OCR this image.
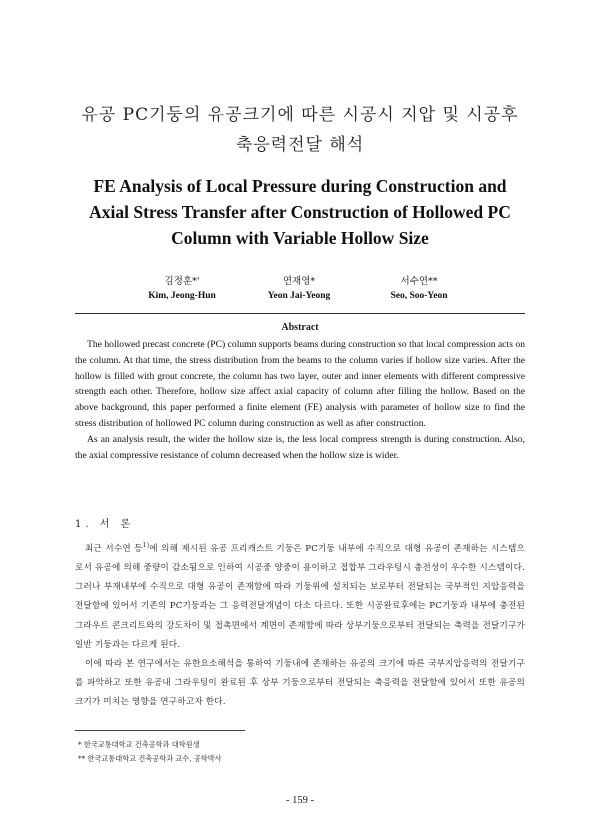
유공 PC기둥의 유공크기에 따른 시공시 지압 및 시공후
축응력전달 해석
FE Analysis of Local Pressure during Construction and
Axial Stress Transfer after Construction of Hollowed PC
Column with Variable Hollow Size
김정훈*'
Kim, Jeong-Hun
연재영*
Yeon Jai-Yeong
서수연**
Seo, Soo-Yeon
Abstract

The hollowed precast concrete (PC) column supports beams during construction so that local compression acts on the column. At that time, the stress distribution from the beams to the column varies if hollow size varies. After the hollow is filled with grout concrete, the column has two layer, outer and inner elements with different compressive strength each other. Therefore, hollow size affect axial capacity of column after filling the hollow. Based on the above background, this paper performed a finite element (FE) analysis with parameter of hollow size to find the stress distribution of hollowed PC column during construction as well as after construction.

As an analysis result, the wider the hollow size is, the less local compress strength is during construction. Also, the axial compressive resistance of column decreased when the hollow size is wider.

1. 서 론

최근 서수연 등$^{1)}$에 의해 제시된 유공 프리캐스트 기둥은 PC기둥 내부에 수직으로 대형 유공이 존재하는 시스템으로서 유공에 의해 중량이 감소됨으로 인하여 시공중 양중이 용이하고 접합부 그라우팅시 충전성이 우수한 시스템이다. 그러나 부재내부에 수직으로 대형 유공이 존재함에 따라 기둥위에 설치되는 보로부터 전달되는 국부적인 지압응력을 전달함에 있어서 기존의 PC기둥과는 그 응력전달개념이 다소 다르다. 또한 시공완료후에는 PC기둥과 내부에 충전된 그라우트 콘크리트와의 강도차이 및 접촉면에서 계면이 존재함에 따라 상부기둥으로부터 전달되는 축력을 전달기구가 일반 기둥과는 다르게 된다.

이에 따라 본 연구에서는 유한요소해석을 통하여 기둥내에 존재하는 유공의 크기에 따른 국부지압응력의 전달기구를 파악하고 또한 유공내 그라우팅이 완료된 후 상부 기둥으로부터 전달되는 축응력을 전달함에 있어서 또한 유공의 크기가 미치는 영향을 연구하고자 한다.

* 한국교통대학교 건축공학과 대학원생
** 한국교통대학교 건축공학과 교수, 공학박사
- 159 -
